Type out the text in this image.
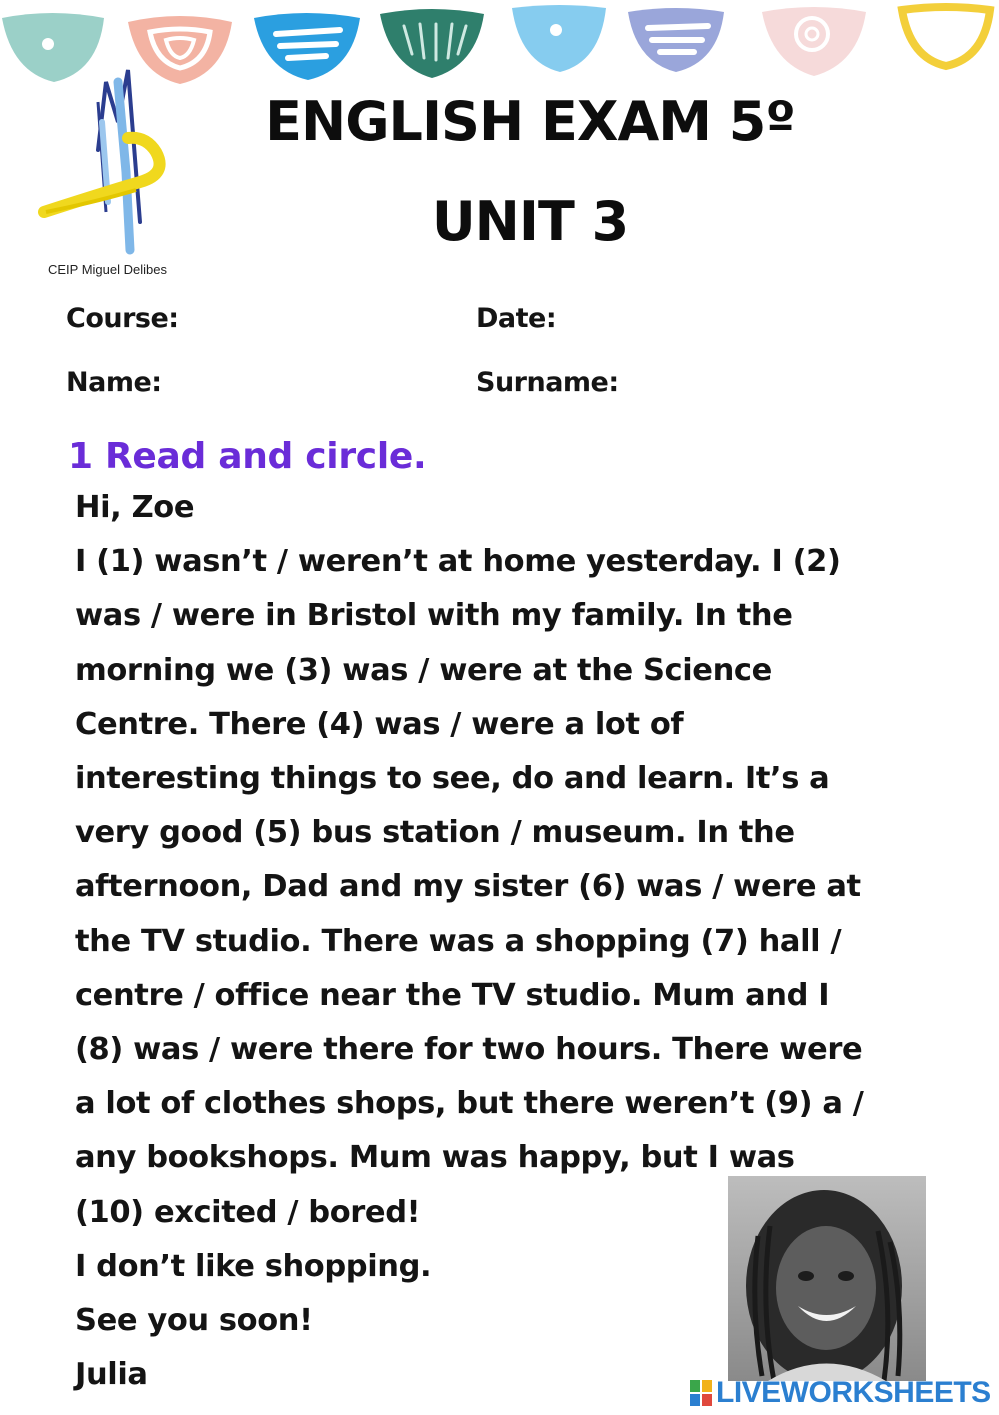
CEIP Miguel Delibes
ENGLISH EXAM 5º
UNIT 3
Course:	Date:
Name:	Surname:
1 Read and circle.
Hi, Zoe
I (1) wasn’t / weren’t at home yesterday. I (2)
was / were in Bristol with my family. In the
morning we (3) was / were at the Science
Centre. There (4) was / were a lot of
interesting things to see, do and learn. It’s a
very good (5) bus station / museum. In the
afternoon, Dad and my sister (6) was / were at
the TV studio. There was a shopping (7) hall /
centre / office near the TV studio. Mum and I
(8) was / were there for two hours. There were
a lot of clothes shops, but there weren’t (9) a /
any bookshops. Mum was happy, but I was
(10) excited / bored!
I don’t like shopping.
See you soon!
Julia
LIVEWORKSHEETS
